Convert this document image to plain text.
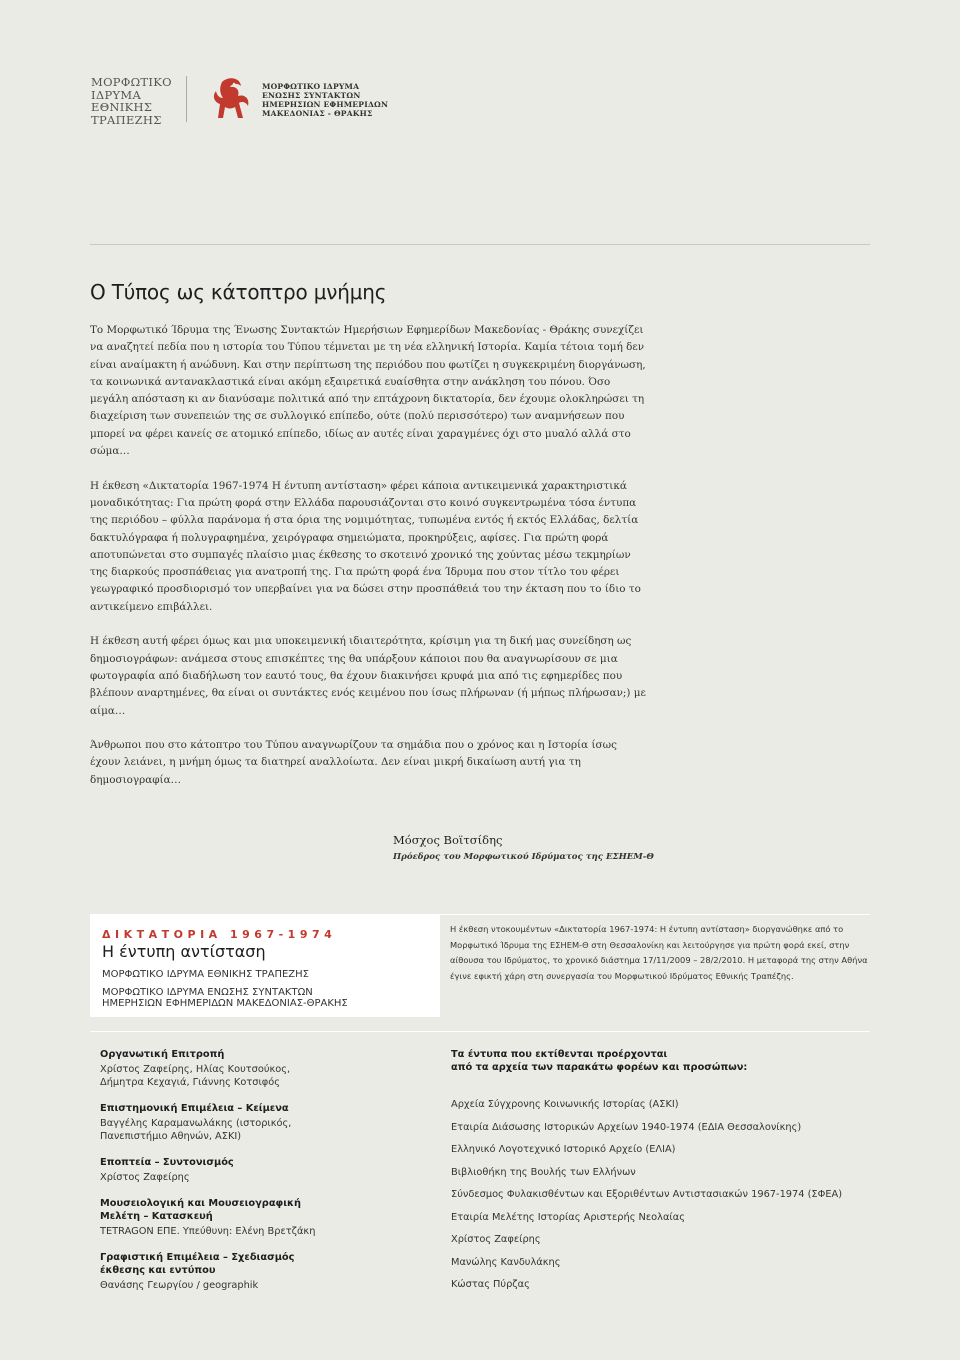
ΜΟΡΦΩΤΙΚΟ
ΙΔΡΥΜΑ
ΕΘΝΙΚΗΣ
ΤΡΑΠΕΖΗΣ
ΜΟΡΦΩΤΙΚΟ ΙΔΡΥΜΑ
ΕΝΩΣΗΣ ΣΥΝΤΑΚΤΩΝ
ΗΜΕΡΗΣΙΩΝ ΕΦΗΜΕΡΙΔΩΝ
ΜΑΚΕΔΟΝΙΑΣ - ΘΡΑΚΗΣ
Ο Τύπος ως κάτοπτρο μνήμης

Το Μορφωτικό Ίδρυμα της Ένωσης Συντακτών Ημερήσιων Εφημερίδων Μακεδονίας - Θράκης συνεχίζει να αναζητεί πεδία που η ιστορία του Τύπου τέμνεται με τη νέα ελληνική Ιστορία. Καμία τέτοια τομή δεν είναι αναίμακτη ή ανώδυνη. Και στην περίπτωση της περιόδου που φωτίζει η συγκεκριμένη διοργάνωση, τα κοινωνικά αντανακλαστικά είναι ακόμη εξαιρετικά ευαίσθητα στην ανάκληση του πόνου. Όσο μεγάλη απόσταση κι αν διανύσαμε πολιτικά από την επτάχρονη δικτατορία, δεν έχουμε ολοκληρώσει τη διαχείριση των συνεπειών της σε συλλογικό επίπεδο, ούτε (πολύ περισσότερο) των αναμνήσεων που μπορεί να φέρει κανείς σε ατομικό επίπεδο, ιδίως αν αυτές είναι χαραγμένες όχι στο μυαλό αλλά στο σώμα…

Η έκθεση «Δικτατορία 1967-1974 Η έντυπη αντίσταση» φέρει κάποια αντικειμενικά χαρακτηριστικά μοναδικότητας: Για πρώτη φορά στην Ελλάδα παρουσιάζονται στο κοινό συγκεντρωμένα τόσα έντυπα της περιόδου – φύλλα παράνομα ή στα όρια της νομιμότητας, τυπωμένα εντός ή εκτός Ελλάδας, δελτία δακτυλόγραφα ή πολυγραφημένα, χειρόγραφα σημειώματα, προκηρύξεις, αφίσες. Για πρώτη φορά αποτυπώνεται στο συμπαγές πλαίσιο μιας έκθεσης το σκοτεινό χρονικό της χούντας μέσω τεκμηρίων της διαρκούς προσπάθειας για ανατροπή της. Για πρώτη φορά ένα Ίδρυμα που στον τίτλο του φέρει γεωγραφικό προσδιορισμό τον υπερβαίνει για να δώσει στην προσπάθειά του την έκταση που το ίδιο το αντικείμενο επιβάλλει.

Η έκθεση αυτή φέρει όμως και μια υποκειμενική ιδιαιτερότητα, κρίσιμη για τη δική μας συνείδηση ως δημοσιογράφων: ανάμεσα στους επισκέπτες της θα υπάρξουν κάποιοι που θα αναγνωρίσουν σε μια φωτογραφία από διαδήλωση τον εαυτό τους, θα έχουν διακινήσει κρυφά μια από τις εφημερίδες που βλέπουν αναρτημένες, θα είναι οι συντάκτες ενός κειμένου που ίσως πλήρωναν (ή μήπως πλήρωσαν;) με αίμα…

Άνθρωποι που στο κάτοπτρο του Τύπου αναγνωρίζουν τα σημάδια που ο χρόνος και η Ιστορία ίσως έχουν λειάνει, η μνήμη όμως τα διατηρεί αναλλοίωτα. Δεν είναι μικρή δικαίωση αυτή για τη δημοσιογραφία…

Μόσχος Βοϊτσίδης
Πρόεδρος του Μορφωτικού Ιδρύματος της ΕΣΗΕΜ-Θ
ΔΙΚΤΑΤΟΡΙΑ 1967-1974
Η έντυπη αντίσταση
ΜΟΡΦΩΤΙΚΟ ΙΔΡΥΜΑ ΕΘΝΙΚΗΣ ΤΡΑΠΕΖΗΣ
ΜΟΡΦΩΤΙΚΟ ΙΔΡΥΜΑ ΕΝΩΣΗΣ ΣΥΝΤΑΚΤΩΝ
ΗΜΕΡΗΣΙΩΝ ΕΦΗΜΕΡΙΔΩΝ ΜΑΚΕΔΟΝΙΑΣ-ΘΡΑΚΗΣ
Η έκθεση ντοκουμέντων «Δικτατορία 1967-1974: Η έντυπη αντίσταση» διοργανώθηκε από το Μορφωτικό Ίδρυμα της ΕΣΗΕΜ-Θ στη Θεσσαλονίκη και λειτούργησε για πρώτη φορά εκεί, στην αίθουσα του Ιδρύματος, το χρονικό διάστημα 17/11/2009 – 28/2/2010. Η μεταφορά της στην Αθήνα έγινε εφικτή χάρη στη συνεργασία του Μορφωτικού Ιδρύματος Εθνικής Τραπέζης.
Οργανωτική Επιτροπή
Χρίστος Ζαφείρης, Ηλίας Κουτσούκος,
Δήμητρα Κεχαγιά, Γιάννης Κοτσιφός
Επιστημονική Επιμέλεια – Κείμενα
Βαγγέλης Καραμανωλάκης (ιστορικός,
Πανεπιστήμιο Αθηνών, ΑΣΚΙ)
Εποπτεία – Συντονισμός
Χρίστος Ζαφείρης
Μουσειολογική και Μουσειογραφική
Μελέτη – Κατασκευή
TETRAGON ΕΠΕ. Υπεύθυνη: Ελένη Βρετζάκη
Γραφιστική Επιμέλεια – Σχεδιασμός
έκθεσης και εντύπου
Θανάσης Γεωργίου / geographik
Τα έντυπα που εκτίθενται προέρχονται
από τα αρχεία των παρακάτω φορέων και προσώπων:
Αρχεία Σύγχρονης Κοινωνικής Ιστορίας (ΑΣΚΙ)
Εταιρία Διάσωσης Ιστορικών Αρχείων 1940-1974 (ΕΔΙΑ Θεσσαλονίκης)
Ελληνικό Λογοτεχνικό Ιστορικό Αρχείο (ΕΛΙΑ)
Βιβλιοθήκη της Βουλής των Ελλήνων
Σύνδεσμος Φυλακισθέντων και Εξοριθέντων Αντιστασιακών 1967-1974 (ΣΦΕΑ)
Εταιρία Μελέτης Ιστορίας Αριστερής Νεολαίας
Χρίστος Ζαφείρης
Μανώλης Κανδυλάκης
Κώστας Πύρζας
